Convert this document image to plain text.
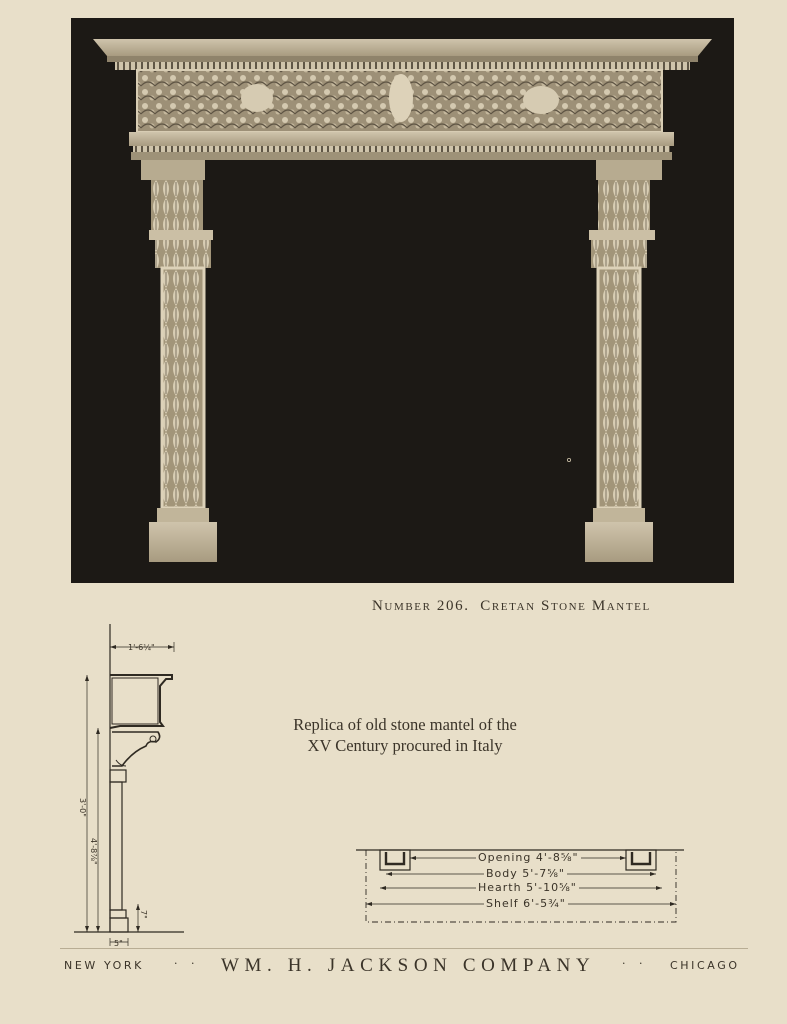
Number 206. Cretan Stone Mantel
Replica of old stone mantel of the
XV Century procured in Italy
1'-6¼"
4'-8⅞"
3'-0"
7"
5"
Opening 4'-8⅝"
Body 5'-7⅝"
Hearth 5'-10⅝"
Shelf 6'-5¾"
NEW YORK	· · WM. H. JACKSON COMPANY · · CHICAGO
